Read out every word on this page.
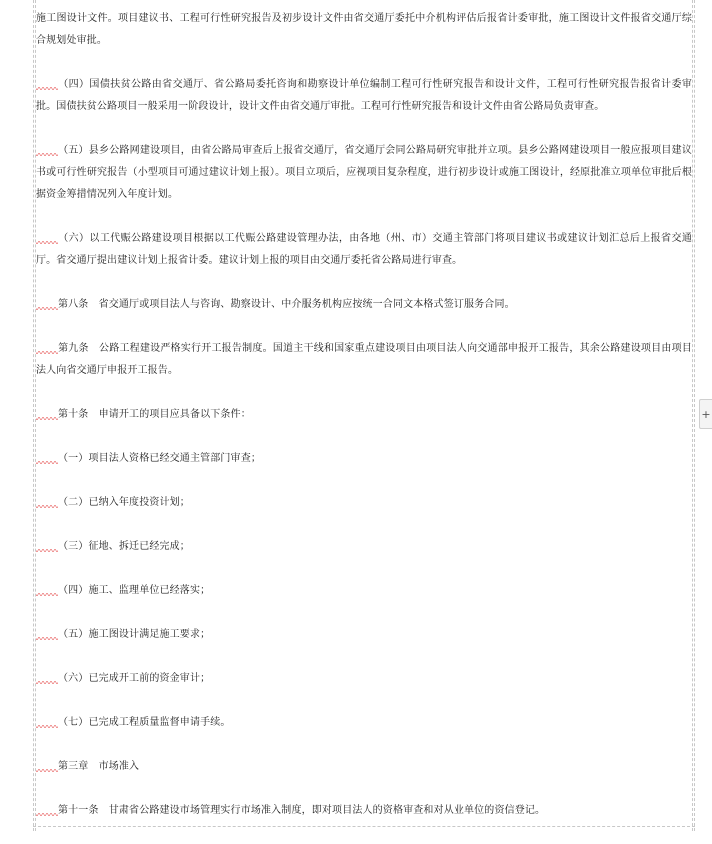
施工图设计文件。项目建议书、工程可行性研究报告及初步设计文件由省交通厅委托中介机构评估后报省计委审批，施工图设计文件报省交通厅综合规划处审批。

（四）国债扶贫公路由省交通厅、省公路局委托咨询和勘察设计单位编制工程可行性研究报告和设计文件，工程可行性研究报告报省计委审批。国债扶贫公路项目一般采用一阶段设计，设计文件由省交通厅审批。工程可行性研究报告和设计文件由省公路局负责审查。

（五）县乡公路网建设项目，由省公路局审查后上报省交通厅，省交通厅会同公路局研究审批并立项。县乡公路网建设项目一般应报项目建议书或可行性研究报告（小型项目可通过建议计划上报）。项目立项后，应视项目复杂程度，进行初步设计或施工图设计，经原批准立项单位审批后根据资金筹措情况列入年度计划。

（六）以工代赈公路建设项目根据以工代赈公路建设管理办法，由各地（州、市）交通主管部门将项目建议书或建议计划汇总后上报省交通厅。省交通厅提出建议计划上报省计委。建议计划上报的项目由交通厅委托省公路局进行审查。

第八条　省交通厅或项目法人与咨询、勘察设计、中介服务机构应按统一合同文本格式签订服务合同。

第九条　公路工程建设严格实行开工报告制度。国道主干线和国家重点建设项目由项目法人向交通部申报开工报告，其余公路建设项目由项目法人向省交通厅申报开工报告。

第十条　申请开工的项目应具备以下条件：

（一）项目法人资格已经交通主管部门审查；

（二）已纳入年度投资计划；

（三）征地、拆迁已经完成；

（四）施工、监理单位已经落实；

（五）施工图设计满足施工要求；

（六）已完成开工前的资金审计；

（七）已完成工程质量监督申请手续。

第三章　市场准入

第十一条　甘肃省公路建设市场管理实行市场准入制度，即对项目法人的资格审查和对从业单位的资信登记。

+
